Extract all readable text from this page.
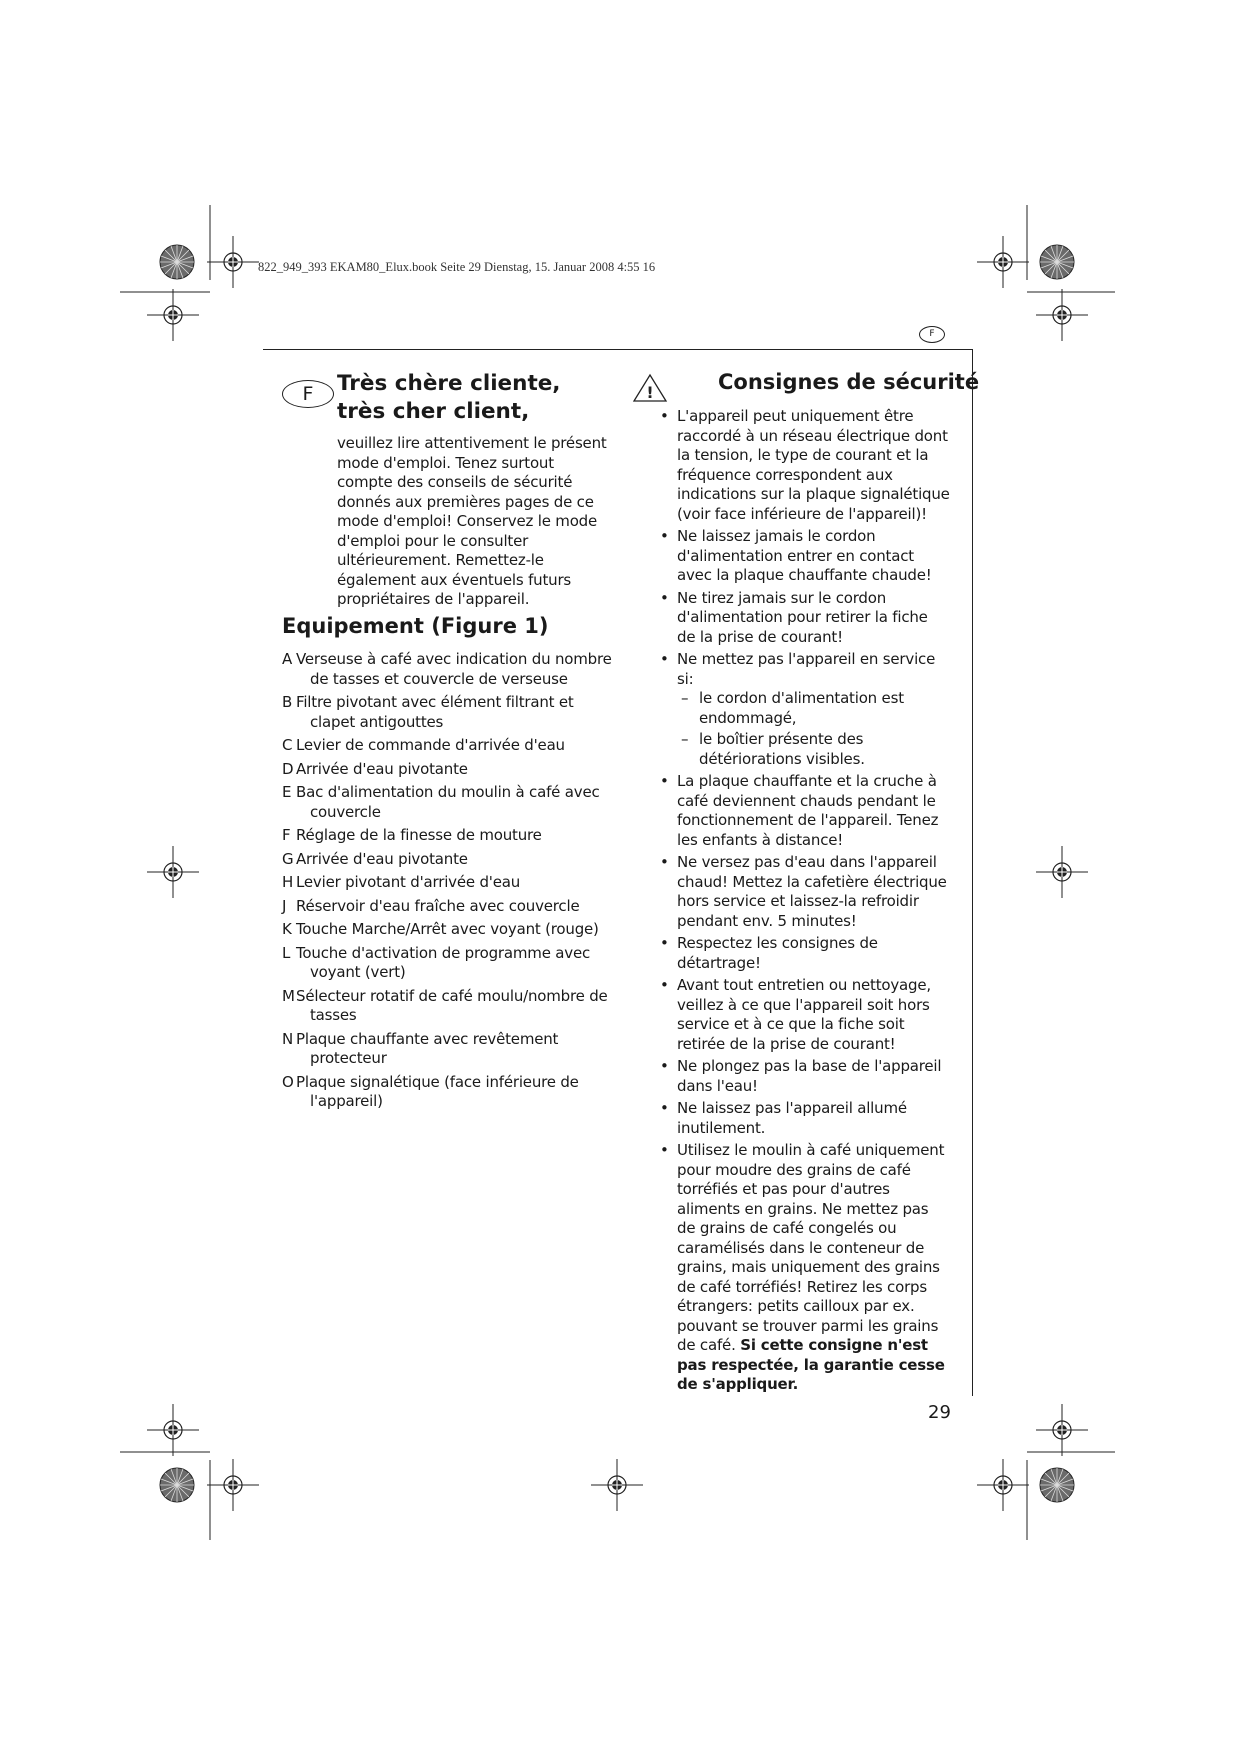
822_949_393 EKAM80_Elux.book Seite 29 Dienstag, 15. Januar 2008 4:55 16
F
F	Très chère cliente,
très cher client,
veuillez lire attentivement le présent mode d'emploi. Tenez surtout compte des conseils de sécurité donnés aux premières pages de ce mode d'emploi! Conservez le mode d'emploi pour le consulter ultérieurement. Remettez-le également aux éventuels futurs propriétaires de l'appareil.
Equipement (Figure 1)
A Verseuse à café avec indication du nombre de tasses et couvercle de verseuse
B Filtre pivotant avec élément filtrant et clapet antigouttes
C Levier de commande d'arrivée d'eau
D Arrivée d'eau pivotante
E Bac d'alimentation du moulin à café avec couvercle
F Réglage de la finesse de mouture
G Arrivée d'eau pivotante
H Levier pivotant d'arrivée d'eau
J Réservoir d'eau fraîche avec couvercle
K Touche Marche/Arrêt avec voyant (rouge)
L Touche d'activation de programme avec voyant (vert)
MSélecteur rotatif de café moulu/nombre de tasses
N Plaque chauffante avec revêtement protecteur
O Plaque signalétique (face inférieure de l'appareil)
!	Consignes de sécurité
• L'appareil peut uniquement être raccordé à un réseau électrique dont la tension, le type de courant et la fréquence correspondent aux indications sur la plaque signalétique (voir face inférieure de l'appareil)!
• Ne laissez jamais le cordon d'alimentation entrer en contact avec la plaque chauffante chaude!
• Ne tirez jamais sur le cordon d'alimentation pour retirer la fiche de la prise de courant!
• Ne mettez pas l'appareil en service si:
– le cordon d'alimentation est endommagé,
– le boîtier présente des détériorations visibles.
• La plaque chauffante et la cruche à café deviennent chauds pendant le fonctionnement de l'appareil. Tenez les enfants à distance!
• Ne versez pas d'eau dans l'appareil chaud! Mettez la cafetière électrique hors service et laissez-la refroidir pendant env. 5 minutes!
• Respectez les consignes de détartrage!
• Avant tout entretien ou nettoyage, veillez à ce que l'appareil soit hors service et à ce que la fiche soit retirée de la prise de courant!
• Ne plongez pas la base de l'appareil dans l'eau!
• Ne laissez pas l'appareil allumé inutilement.
• Utilisez le moulin à café uniquement pour moudre des grains de café torréfiés et pas pour d'autres aliments en grains. Ne mettez pas de grains de café congelés ou caramélisés dans le conteneur de grains, mais uniquement des grains de café torréfiés! Retirez les corps étrangers: petits cailloux par ex. pouvant se trouver parmi les grains de café. Si cette consigne n'est pas respectée, la garantie cesse de s'appliquer.
29
